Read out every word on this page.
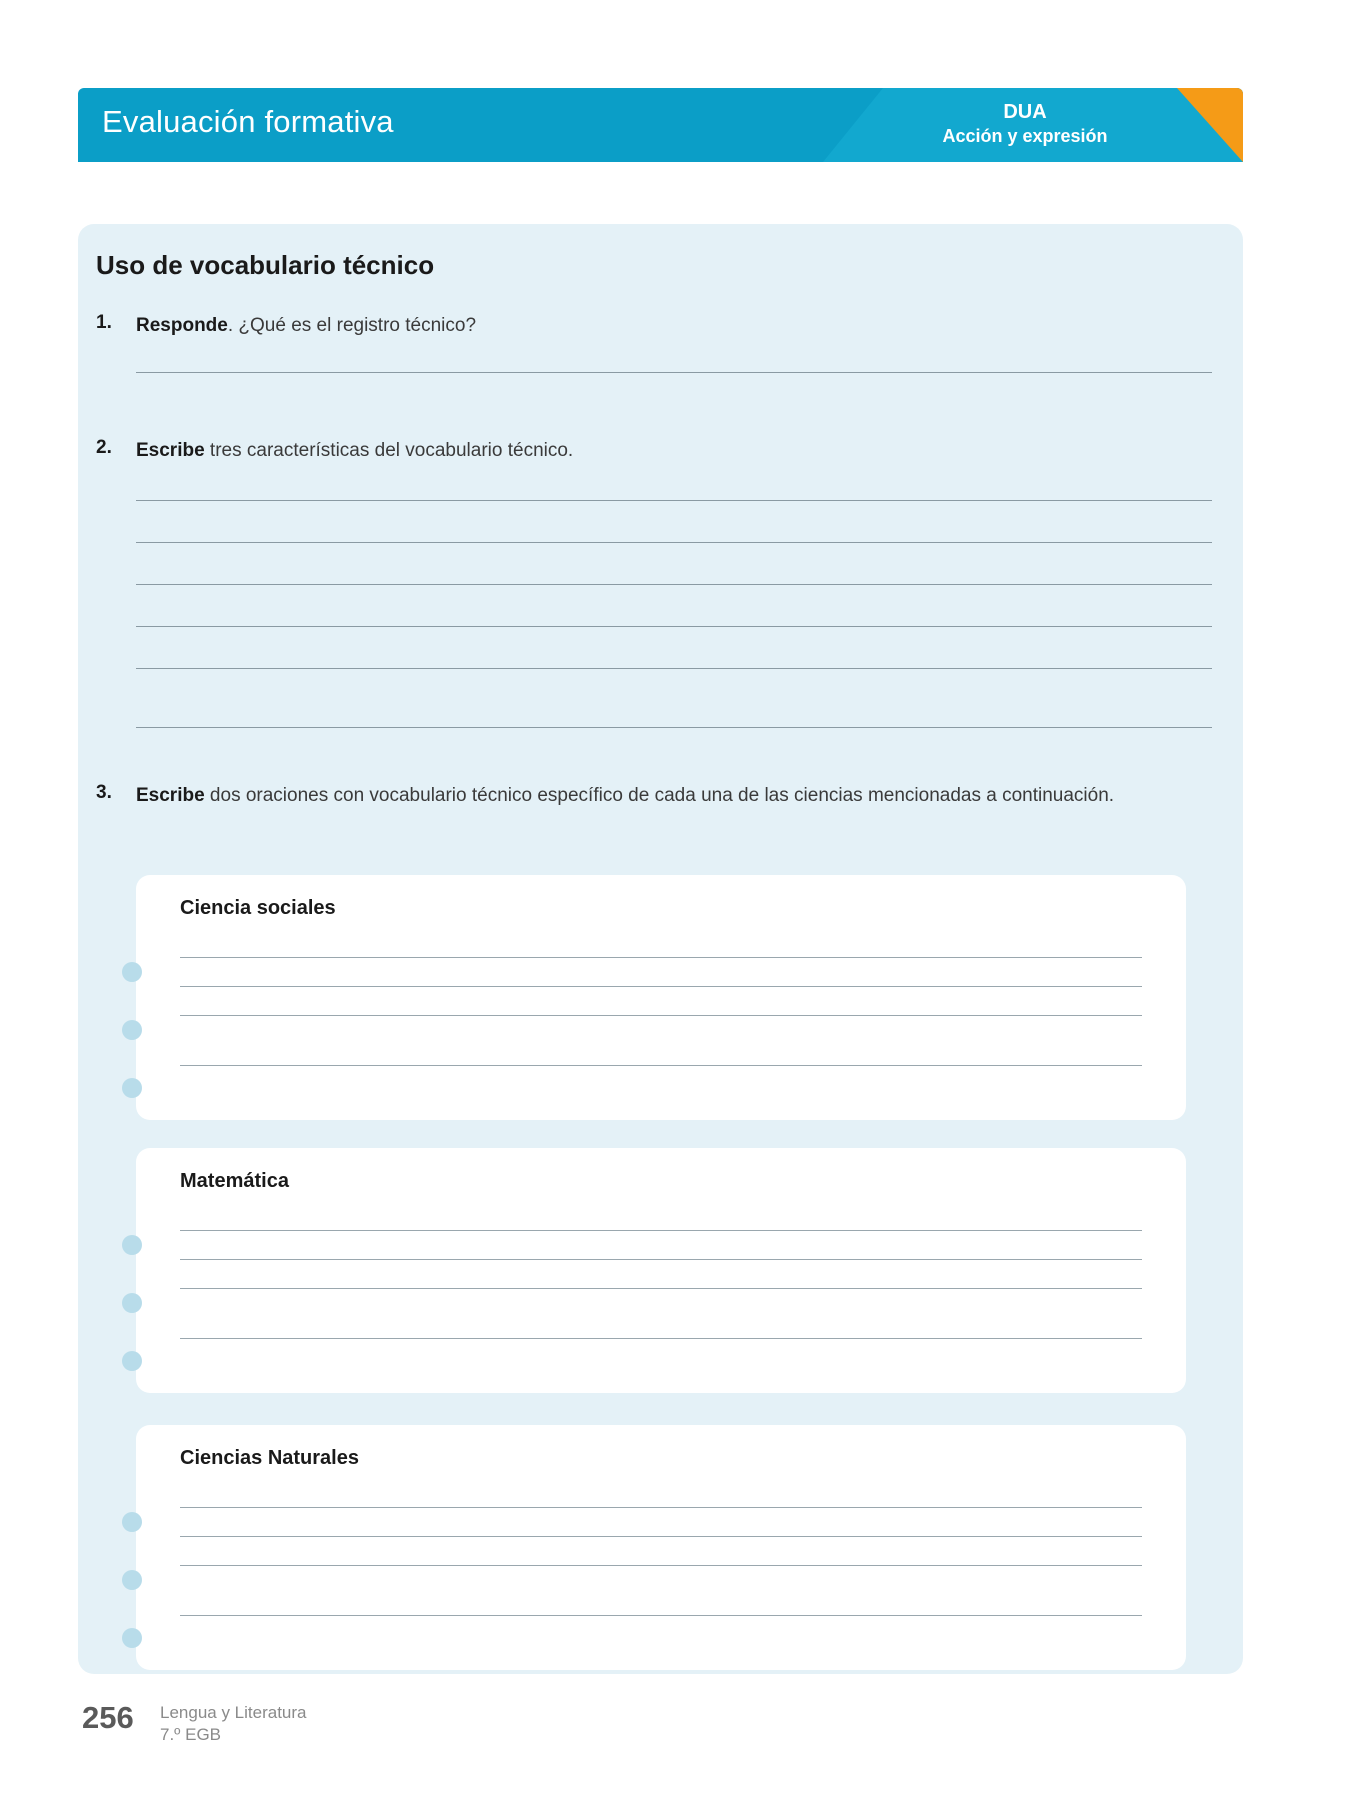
Evaluación formativa	DUA
Acción y expresión
Uso de vocabulario técnico
1. Responde. ¿Qué es el registro técnico?
2. Escribe tres características del vocabulario técnico.
3. Escribe dos oraciones con vocabulario técnico específico de cada una de las ciencias mencionadas a continuación.
Ciencia sociales
Matemática
Ciencias Naturales
256 Lengua y Literatura
7.º EGB
